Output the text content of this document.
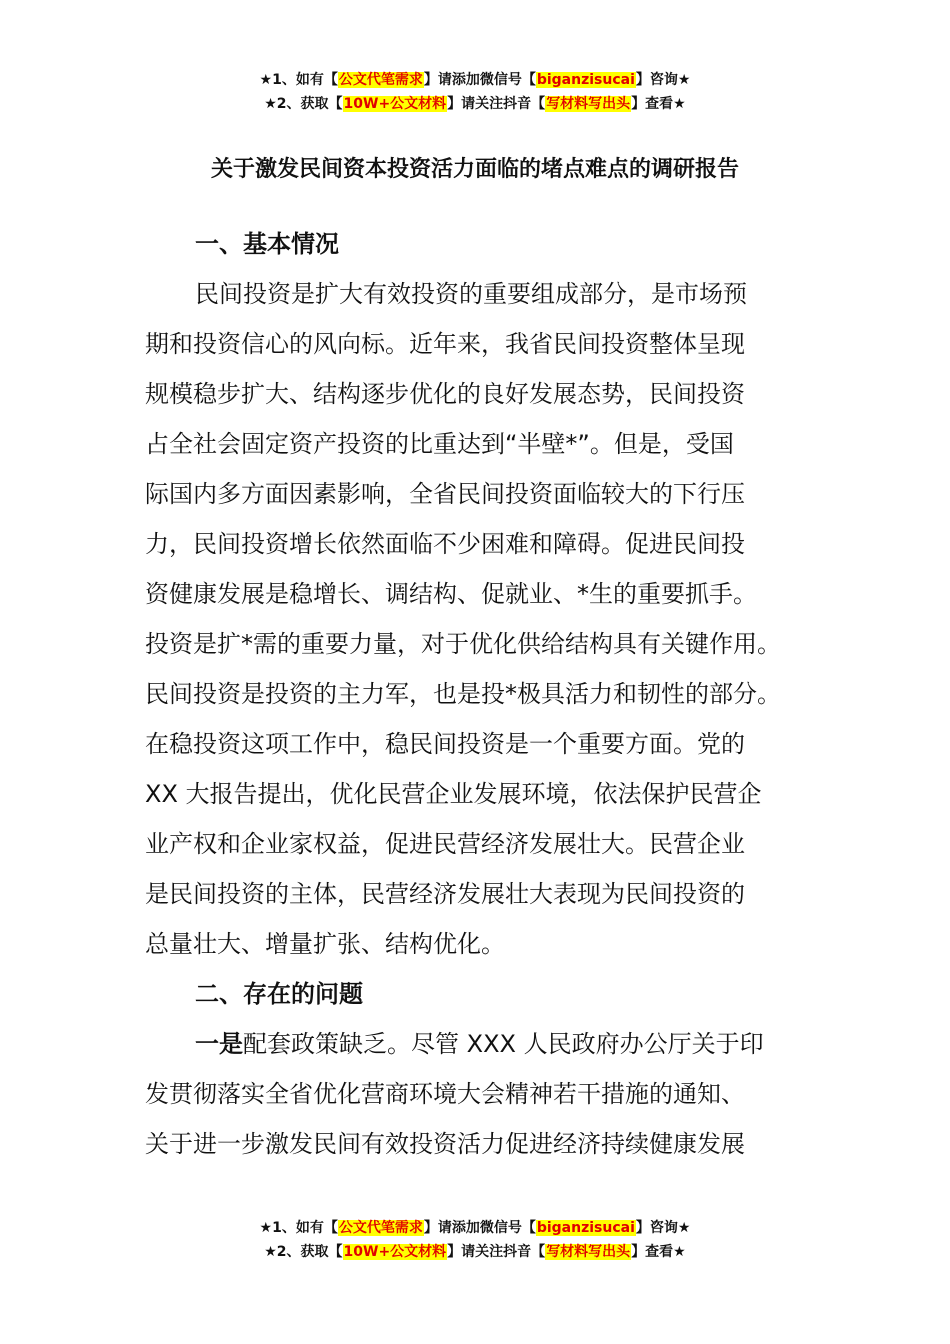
★1、如有【公文代笔需求】请添加微信号【biganzisucai】咨询★
★2、获取【10W+公文材料】请关注抖音【写材料写出头】查看★
关于激发民间资本投资活力面临的堵点难点的调研报告
一、基本情况
民间投资是扩大有效投资的重要组成部分，是市场预
期和投资信心的风向标。近年来，我省民间投资整体呈现
规模稳步扩大、结构逐步优化的良好发展态势，民间投资
占全社会固定资产投资的比重达到“半壁*”。但是，受国
际国内多方面因素影响，全省民间投资面临较大的下行压
力，民间投资增长依然面临不少困难和障碍。促进民间投
资健康发展是稳增长、调结构、促就业、*生的重要抓手。
投资是扩*需的重要力量，对于优化供给结构具有关键作用。
民间投资是投资的主力军，也是投*极具活力和韧性的部分。
在稳投资这项工作中，稳民间投资是一个重要方面。党的
XX 大报告提出，优化民营企业发展环境，依法保护民营企
业产权和企业家权益，促进民营经济发展壮大。民营企业
是民间投资的主体，民营经济发展壮大表现为民间投资的
总量壮大、增量扩张、结构优化。
二、存在的问题
一是配套政策缺乏。尽管 XXX 人民政府办公厅关于印
发贯彻落实全省优化营商环境大会精神若干措施的通知、
关于进一步激发民间有效投资活力促进经济持续健康发展
★1、如有【公文代笔需求】请添加微信号【biganzisucai】咨询★
★2、获取【10W+公文材料】请关注抖音【写材料写出头】查看★
